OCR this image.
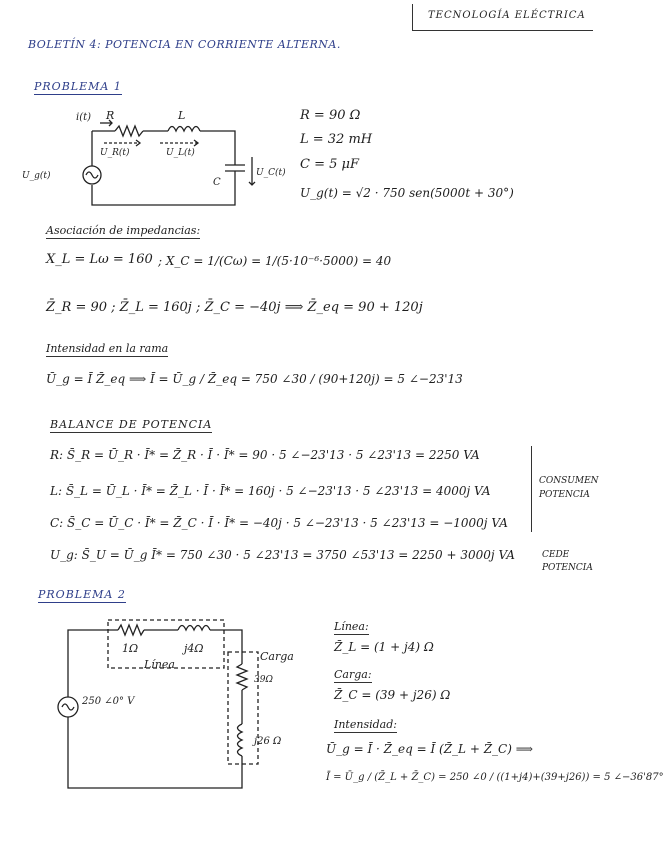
TECNOLOGÍA ELÉCTRICA
BOLETÍN 4: POTENCIA EN CORRIENTE ALTERNA.
PROBLEMA 1
i(t) R	L
U_R(t)	U_L(t)
C
U_C(t)
U_g(t)
R = 90 Ω
L = 32 mH
C = 5 μF
U_g(t) = √2 · 750 sen(5000t + 30°)
Asociación de impedancias:
X_L = Lω = 160 ; X_C = 1/(Cω) = 1/(5·10⁻⁶·5000) = 40
Z̄_R = 90 ; Z̄_L = 160j ; Z̄_C = −40j ⟹ Z̄_eq = 90 + 120j
Intensidad en la rama
Ū_g = Ī Z̄_eq ⟹ Ī = Ū_g / Z̄_eq = 750 ∠30 / (90+120j) = 5 ∠−23'13
BALANCE DE POTENCIA
R: S̄_R = Ū_R · Ī* = Z̄_R · Ī · Ī* = 90 · 5 ∠−23'13 · 5 ∠23'13 = 2250 VA
L: S̄_L = Ū_L · Ī* = Z̄_L · Ī · Ī* = 160j · 5 ∠−23'13 · 5 ∠23'13 = 4000j VA
C: S̄_C = Ū_C · Ī* = Z̄_C · Ī · Ī* = −40j · 5 ∠−23'13 · 5 ∠23'13 = −1000j VA
U_g: S̄_U = Ū_g Ī* = 750 ∠30 · 5 ∠23'13 = 3750 ∠53'13 = 2250 + 3000j VA
CONSUMEN
POTENCIA
CEDE
POTENCIA
PROBLEMA 2
1Ω	j4Ω
Línea
Carga
39Ω
j26 Ω
250 ∠0° V
Línea:
Z̄_L = (1 + j4) Ω
Carga:
Z̄_C = (39 + j26) Ω
Intensidad:
Ū_g = Ī · Z̄_eq = Ī (Z̄_L + Z̄_C) ⟹
Ī = Ū_g / (Z̄_L + Z̄_C) = 250 ∠0 / ((1+j4)+(39+j26)) = 5 ∠−36'87°
